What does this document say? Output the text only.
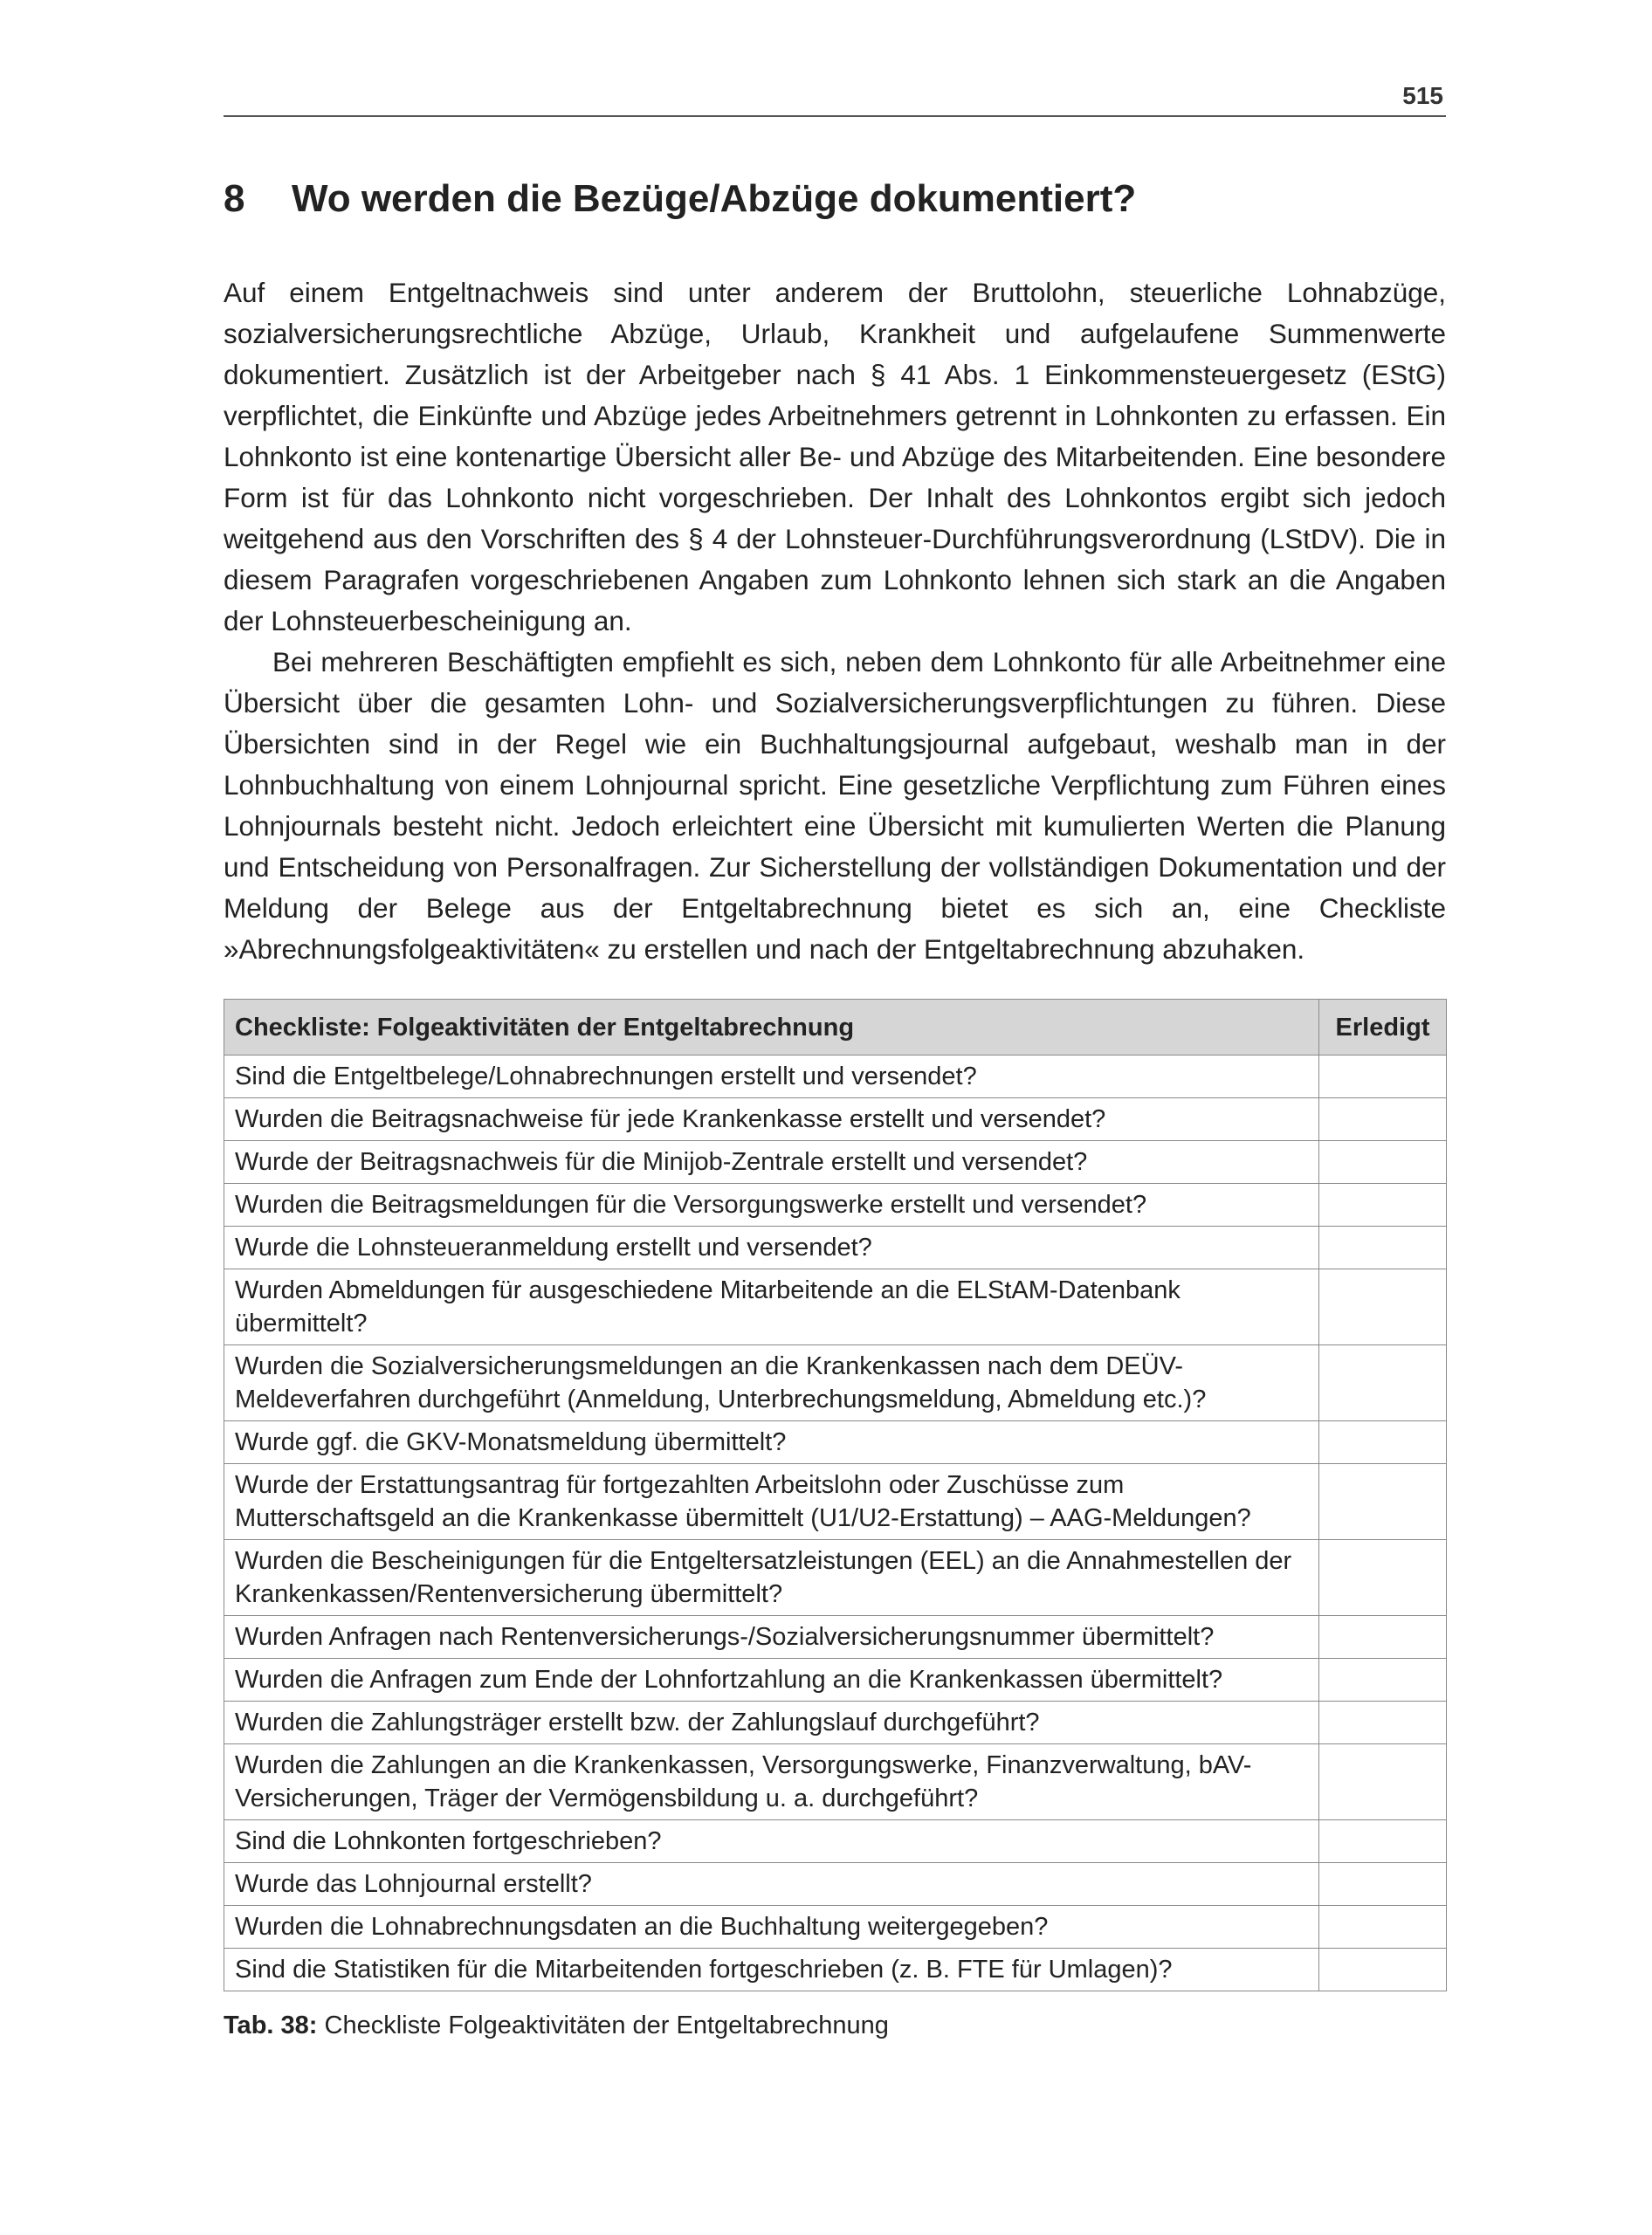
515
8 Wo werden die Bezüge/Abzüge dokumentiert?

Auf einem Entgeltnachweis sind unter anderem der Bruttolohn, steuerliche Lohnabzüge, sozialversicherungsrechtliche Abzüge, Urlaub, Krankheit und aufgelaufene Summenwerte dokumentiert. Zusätzlich ist der Arbeitgeber nach § 41 Abs. 1 Einkommensteuergesetz (EStG) verpflichtet, die Einkünfte und Abzüge jedes Arbeitnehmers getrennt in Lohnkonten zu erfassen. Ein Lohnkonto ist eine kontenartige Übersicht aller Be- und Abzüge des Mitarbeitenden. Eine besondere Form ist für das Lohnkonto nicht vorgeschrieben. Der Inhalt des Lohnkontos ergibt sich jedoch weitgehend aus den Vorschriften des § 4 der Lohnsteuer-Durchführungsverordnung (LStDV). Die in diesem Paragrafen vorgeschriebenen Angaben zum Lohnkonto lehnen sich stark an die Angaben der Lohnsteuerbescheinigung an.

Bei mehreren Beschäftigten empfiehlt es sich, neben dem Lohnkonto für alle Arbeitnehmer eine Übersicht über die gesamten Lohn- und Sozialversicherungsverpflichtungen zu führen. Diese Übersichten sind in der Regel wie ein Buchhaltungsjournal aufgebaut, weshalb man in der Lohnbuchhaltung von einem Lohnjournal spricht. Eine gesetzliche Verpflichtung zum Führen eines Lohnjournals besteht nicht. Jedoch erleichtert eine Übersicht mit kumulierten Werten die Planung und Entscheidung von Personalfragen. Zur Sicherstellung der vollständigen Dokumentation und der Meldung der Belege aus der Entgeltabrechnung bietet es sich an, eine Checkliste »Abrechnungsfolgeaktivitäten« zu erstellen und nach der Entgeltabrechnung abzuhaken.

Checkliste: Folgeaktivitäten der Entgeltabrechnung	Erledigt
Sind die Entgeltbelege/Lohnabrechnungen erstellt und versendet?	
Wurden die Beitragsnachweise für jede Krankenkasse erstellt und versendet?	
Wurde der Beitragsnachweis für die Minijob-Zentrale erstellt und versendet?	
Wurden die Beitragsmeldungen für die Versorgungswerke erstellt und versendet?	
Wurde die Lohnsteueranmeldung erstellt und versendet?	
Wurden Abmeldungen für ausgeschiedene Mitarbeitende an die ELStAM-Datenbank übermittelt?	
Wurden die Sozialversicherungsmeldungen an die Krankenkassen nach dem DEÜV-Meldeverfahren durchgeführt (Anmeldung, Unterbrechungsmeldung, Abmeldung etc.)?	
Wurde ggf. die GKV-Monatsmeldung übermittelt?	
Wurde der Erstattungsantrag für fortgezahlten Arbeitslohn oder Zuschüsse zum Mutterschaftsgeld an die Krankenkasse übermittelt (U1/U2-Erstattung) – AAG-Meldungen?	
Wurden die Bescheinigungen für die Entgeltersatzleistungen (EEL) an die Annahmestellen der Krankenkassen/Rentenversicherung übermittelt?	
Wurden Anfragen nach Rentenversicherungs-/Sozialversicherungsnummer übermittelt?	
Wurden die Anfragen zum Ende der Lohnfortzahlung an die Krankenkassen übermittelt?	
Wurden die Zahlungsträger erstellt bzw. der Zahlungslauf durchgeführt?	
Wurden die Zahlungen an die Krankenkassen, Versorgungswerke, Finanzverwaltung, bAV-Versicherungen, Träger der Vermögensbildung u. a. durchgeführt?	
Sind die Lohnkonten fortgeschrieben?	
Wurde das Lohnjournal erstellt?	
Wurden die Lohnabrechnungsdaten an die Buchhaltung weitergegeben?	
Sind die Statistiken für die Mitarbeitenden fortgeschrieben (z. B. FTE für Umlagen)?	
Tab. 38: Checkliste Folgeaktivitäten der Entgeltabrechnung
